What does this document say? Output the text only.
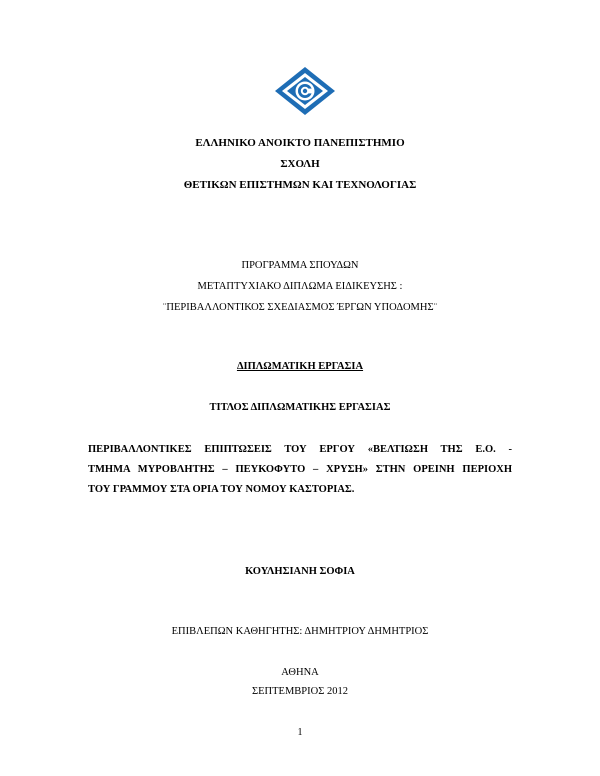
ΕΛΛΗΝΙΚΟ ΑΝΟΙΚΤΟ ΠΑΝΕΠΙΣΤΗΜΙΟ
ΣΧΟΛΗ
ΘΕΤΙΚΩΝ ΕΠΙΣΤΗΜΩΝ ΚΑΙ ΤΕΧΝΟΛΟΓΙΑΣ
ΠΡΟΓΡΑΜΜΑ ΣΠΟΥΔΩΝ
ΜΕΤΑΠΤΥΧΙΑΚΟ ΔΙΠΛΩΜΑ ΕΙΔΙΚΕΥΣΗΣ :
¨ΠΕΡΙΒΑΛΛΟΝΤΙΚΟΣ ΣΧΕΔΙΑΣΜΟΣ ΈΡΓΩΝ ΥΠΟΔΟΜΗΣ¨
ΔΙΠΛΩΜΑΤΙΚΗ ΕΡΓΑΣΙΑ
ΤΙΤΛΟΣ ΔΙΠΛΩΜΑΤΙΚΗΣ ΕΡΓΑΣΙΑΣ
ΠΕΡΙΒΑΛΛΟΝΤΙΚΕΣ ΕΠΙΠΤΩΣΕΙΣ ΤΟΥ ΕΡΓΟΥ «ΒΕΛΤΙΩΣΗ ΤΗΣ Ε.Ο. -
ΤΜΗΜΑ ΜΥΡΟΒΛΗΤΗΣ – ΠΕΥΚΟΦΥΤΟ – ΧΡΥΣΗ» ΣΤΗΝ ΟΡΕΙΝΗ ΠΕΡΙΟΧΗ
ΤΟΥ ΓΡΑΜΜΟΥ ΣΤΑ ΟΡΙΑ ΤΟΥ ΝΟΜΟΥ ΚΑΣΤΟΡΙΑΣ.
ΚΟΥΛΗΣΙΑΝΗ ΣΟΦΙΑ
ΕΠΙΒΛΕΠΩΝ ΚΑΘΗΓΗΤΗΣ: ΔΗΜΗΤΡΙΟΥ ΔΗΜΗΤΡΙΟΣ
ΑΘΗΝΑ
ΣΕΠΤΕΜΒΡΙΟΣ 2012
1
